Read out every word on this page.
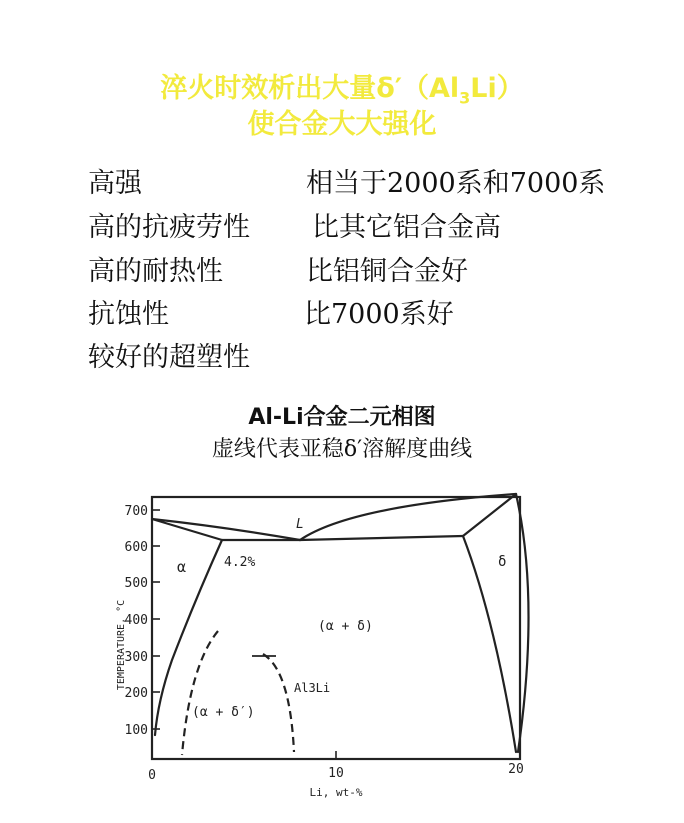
淬火时效析出大量$\delta'(Al_3Li)$
使合金大大强化
高强	相当于2000系和7000系
高的抗疲劳性 比其它铝合金高
高的耐热性	比铝铜合金好
抗蚀性	比7000系好
较好的超塑性
Al-Li合金二元相图
虚线代表亚稳δ′溶解度曲线
100
200
300
400
500
600
700
0	10	20
TEMPERATURE, °C
Li, wt-%
L
α	δ
4.2%
(α + δ)
(α + δ′)
Al3Li
